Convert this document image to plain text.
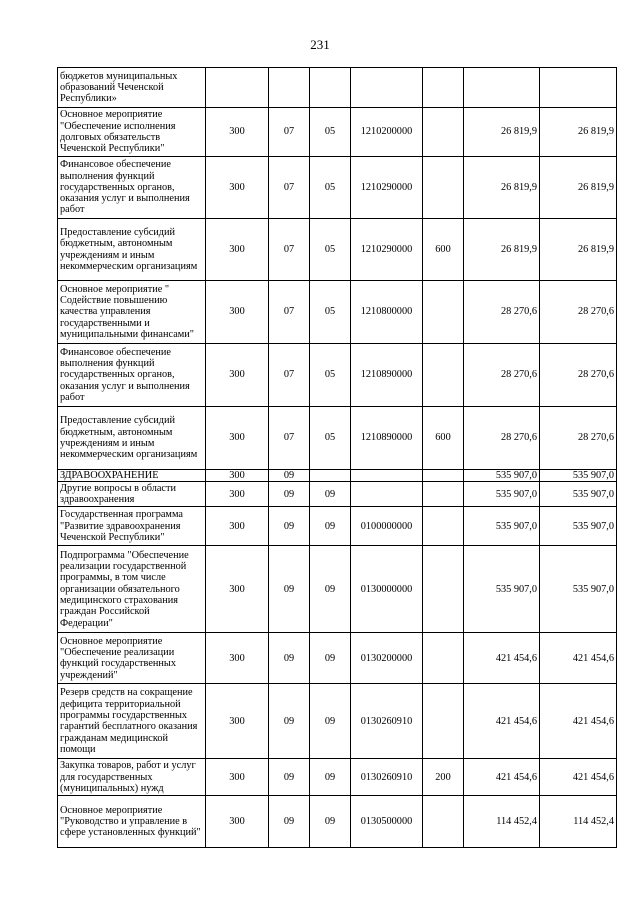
231
бюджетов муниципальных образований Чеченской Республики»							
Основное мероприятие "Обеспечение исполнения долговых обязательств Чеченской Республики"	300	07	05	1210200000		26 819,9	26 819,9
Финансовое обеспечение выполнения функций государственных органов, оказания услуг и выполнения работ	300	07	05	1210290000		26 819,9	26 819,9
Предоставление субсидий бюджетным, автономным учреждениям и иным некоммерческим организациям	300	07	05	1210290000	600	26 819,9	26 819,9
Основное мероприятие " Содействие повышению качества управления государственными и муниципальными финансами"	300	07	05	1210800000		28 270,6	28 270,6
Финансовое обеспечение выполнения функций государственных органов, оказания услуг и выполнения работ	300	07	05	1210890000		28 270,6	28 270,6
Предоставление субсидий бюджетным, автономным учреждениям и иным некоммерческим организациям	300	07	05	1210890000	600	28 270,6	28 270,6
ЗДРАВООХРАНЕНИЕ	300	09				535 907,0	535 907,0
Другие вопросы в области здравоохранения	300	09	09			535 907,0	535 907,0
Государственная программа "Развитие здравоохранения Чеченской Республики"	300	09	09	0100000000		535 907,0	535 907,0
Подпрограмма "Обеспечение реализации государственной программы, в том числе организации обязательного медицинского страхования граждан Российской Федерации"	300	09	09	0130000000		535 907,0	535 907,0
Основное мероприятие "Обеспечение реализации функций государственных учреждений"	300	09	09	0130200000		421 454,6	421 454,6
Резерв средств на сокращение дефицита территориальной программы государственных гарантий бесплатного оказания гражданам медицинской помощи	300	09	09	0130260910		421 454,6	421 454,6
Закупка товаров, работ и услуг для государственных (муниципальных) нужд	300	09	09	0130260910	200	421 454,6	421 454,6
Основное мероприятие "Руководство и управление в сфере установленных функций"	300	09	09	0130500000		114 452,4	114 452,4
